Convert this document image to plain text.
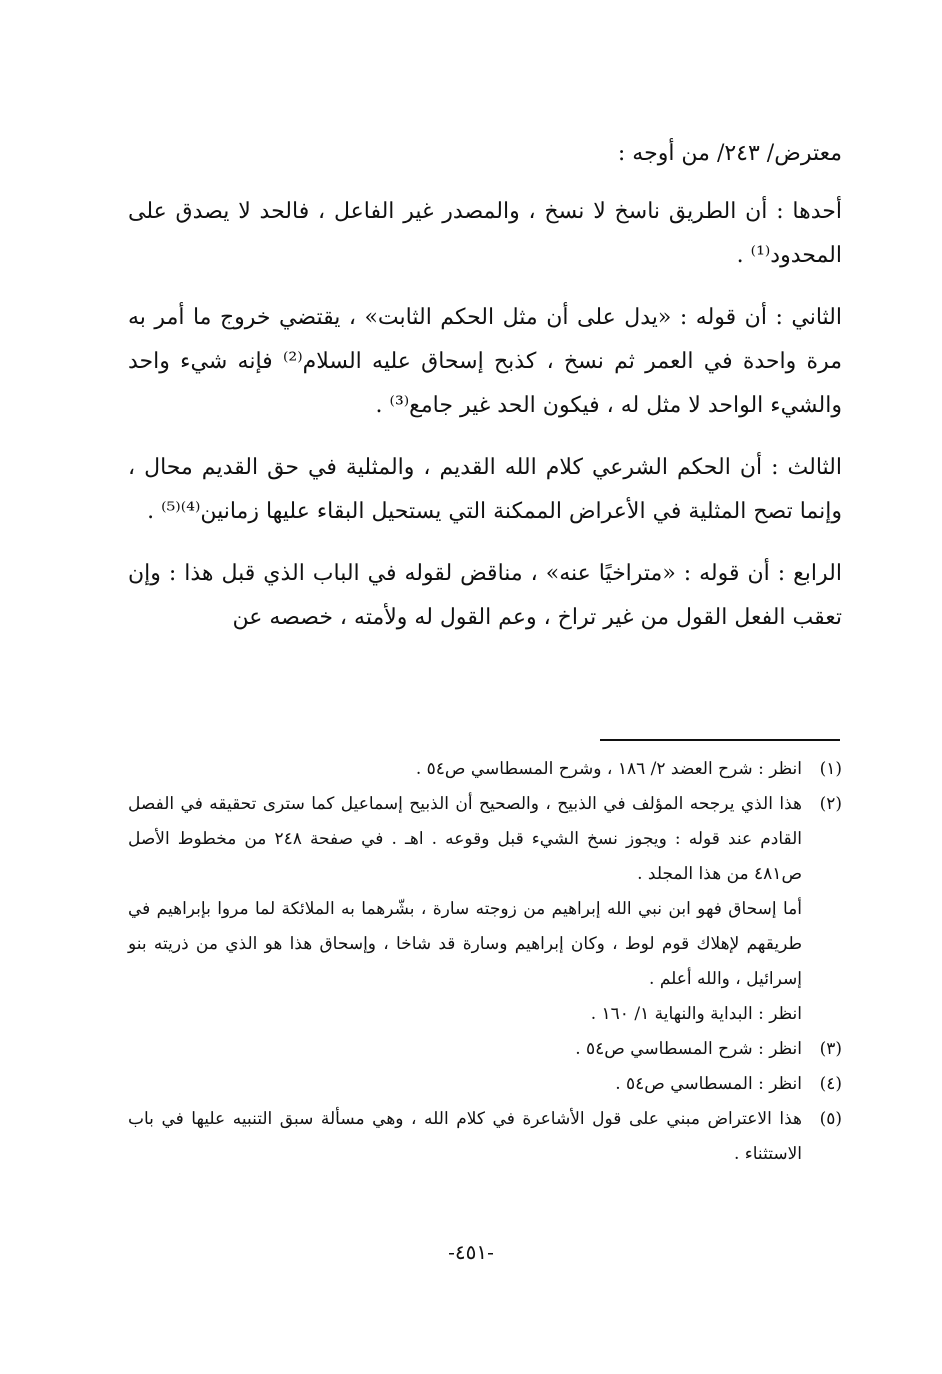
معترض/ ٢٤٣/ من أوجه :

أحدها : أن الطريق ناسخ لا نسخ ، والمصدر غير الفاعل ، فالحد لا يصدق على المحدود⁽¹⁾ .

الثاني : أن قوله : «يدل على أن مثل الحكم الثابت» ، يقتضي خروج ما أمر به مرة واحدة في العمر ثم نسخ ، كذبح إسحاق عليه السلام⁽²⁾ فإنه شيء واحد والشيء الواحد لا مثل له ، فيكون الحد غير جامع⁽³⁾ .

الثالث : أن الحكم الشرعي كلام الله القديم ، والمثلية في حق القديم محال ، وإنما تصح المثلية في الأعراض الممكنة التي يستحيل البقاء عليها زمانين⁽⁴⁾⁽⁵⁾ .

الرابع : أن قوله : «متراخيًا عنه» ، مناقض لقوله في الباب الذي قبل هذا : وإن تعقب الفعل القول من غير تراخ ، وعم القول له ولأمته ، خصصه عن

(١)
انظر : شرح العضد ٢/ ١٨٦ ، وشرح المسطاسي ص٥٤ .
(٢)
هذا الذي يرجحه المؤلف في الذبيح ، والصحيح أن الذبيح إسماعيل كما سترى تحقيقه في الفصل القادم عند قوله : ويجوز نسخ الشيء قبل وقوعه . اهـ . في صفحة ٢٤٨ من مخطوط الأصل ص٤٨١ من هذا المجلد .
أما إسحاق فهو ابن نبي الله إبراهيم من زوجته سارة ، بشّرهما به الملائكة لما مروا بإبراهيم في طريقهم لإهلاك قوم لوط ، وكان إبراهيم وسارة قد شاخا ، وإسحاق هذا هو الذي من ذريته بنو إسرائيل ، والله أعلم .
انظر : البداية والنهاية ١/ ١٦٠ .
(٣)
انظر : شرح المسطاسي ص٥٤ .
(٤)
انظر : المسطاسي ص٥٤ .
(٥)
هذا الاعتراض مبني على قول الأشاعرة في كلام الله ، وهي مسألة سبق التنبيه عليها في باب الاستثناء .
-٤٥١-
